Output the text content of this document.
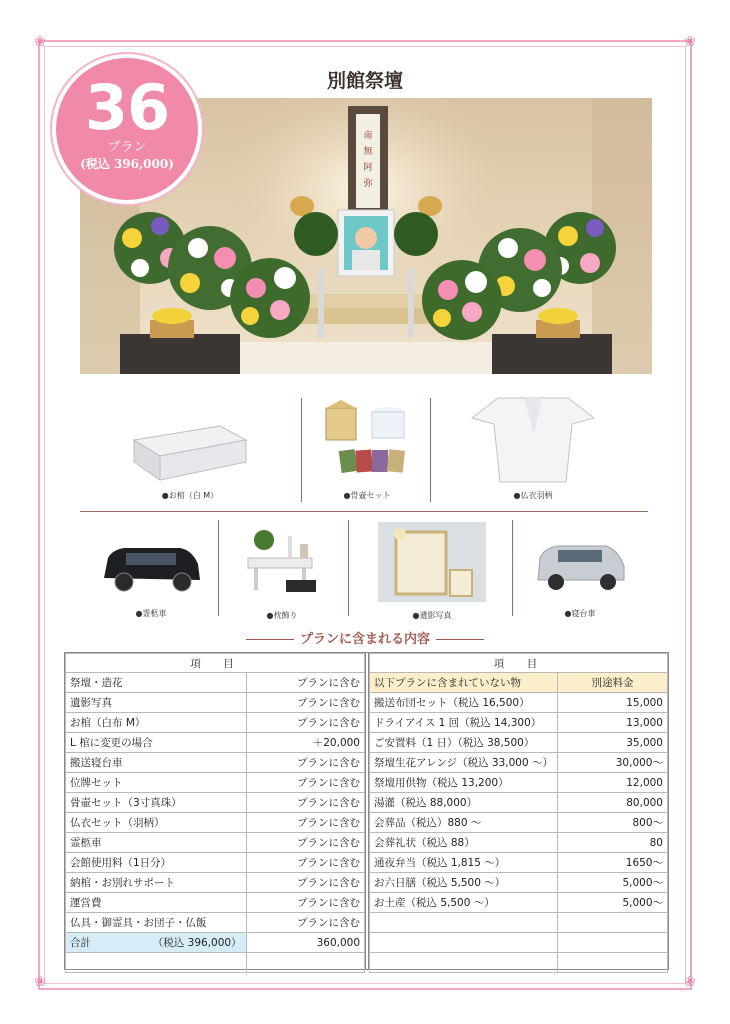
❀	❀
❀	❀
別館祭壇
南
無
阿
弥
36
プラン
(税込 396,000)
●お棺（白 M）	●骨壷セット	●仏衣羽柄
●霊柩車	●枕飾り	●遺影写真	●寝台車
プランに含まれる内容
項　目	
祭壇・造花	プランに含む
遺影写真	プランに含む
お棺（白布 M）	プランに含む
L 棺に変更の場合	＋20,000
搬送寝台車	プランに含む
位牌セット	プランに含む
骨壷セット（3寸真珠）	プランに含む
仏衣セット（羽柄）	プランに含む
霊柩車	プランに含む
会館使用料（1日分）	プランに含む
納棺・お別れサポート	プランに含む
運営費	プランに含む
仏具・御霊具・お団子・仏飯	プランに含む
合計 （税込 396,000）	360,000

項　目	
以下プランに含まれていない物	別途料金
搬送布団セット（税込 16,500）	15,000
ドライアイス 1 回（税込 14,300）	13,000
ご安置料（1 日）（税込 38,500）	35,000
祭壇生花アレンジ（税込 33,000 〜）	30,000〜
祭壇用供物（税込 13,200）	12,000
湯灌（税込 88,000）	80,000
会葬品（税込）880 〜	800〜
会葬礼状（税込 88）	80
通夜弁当（税込 1,815 〜）	1650〜
お六日膳（税込 5,500 〜）	5,000〜
お土産（税込 5,500 〜）	5,000〜
